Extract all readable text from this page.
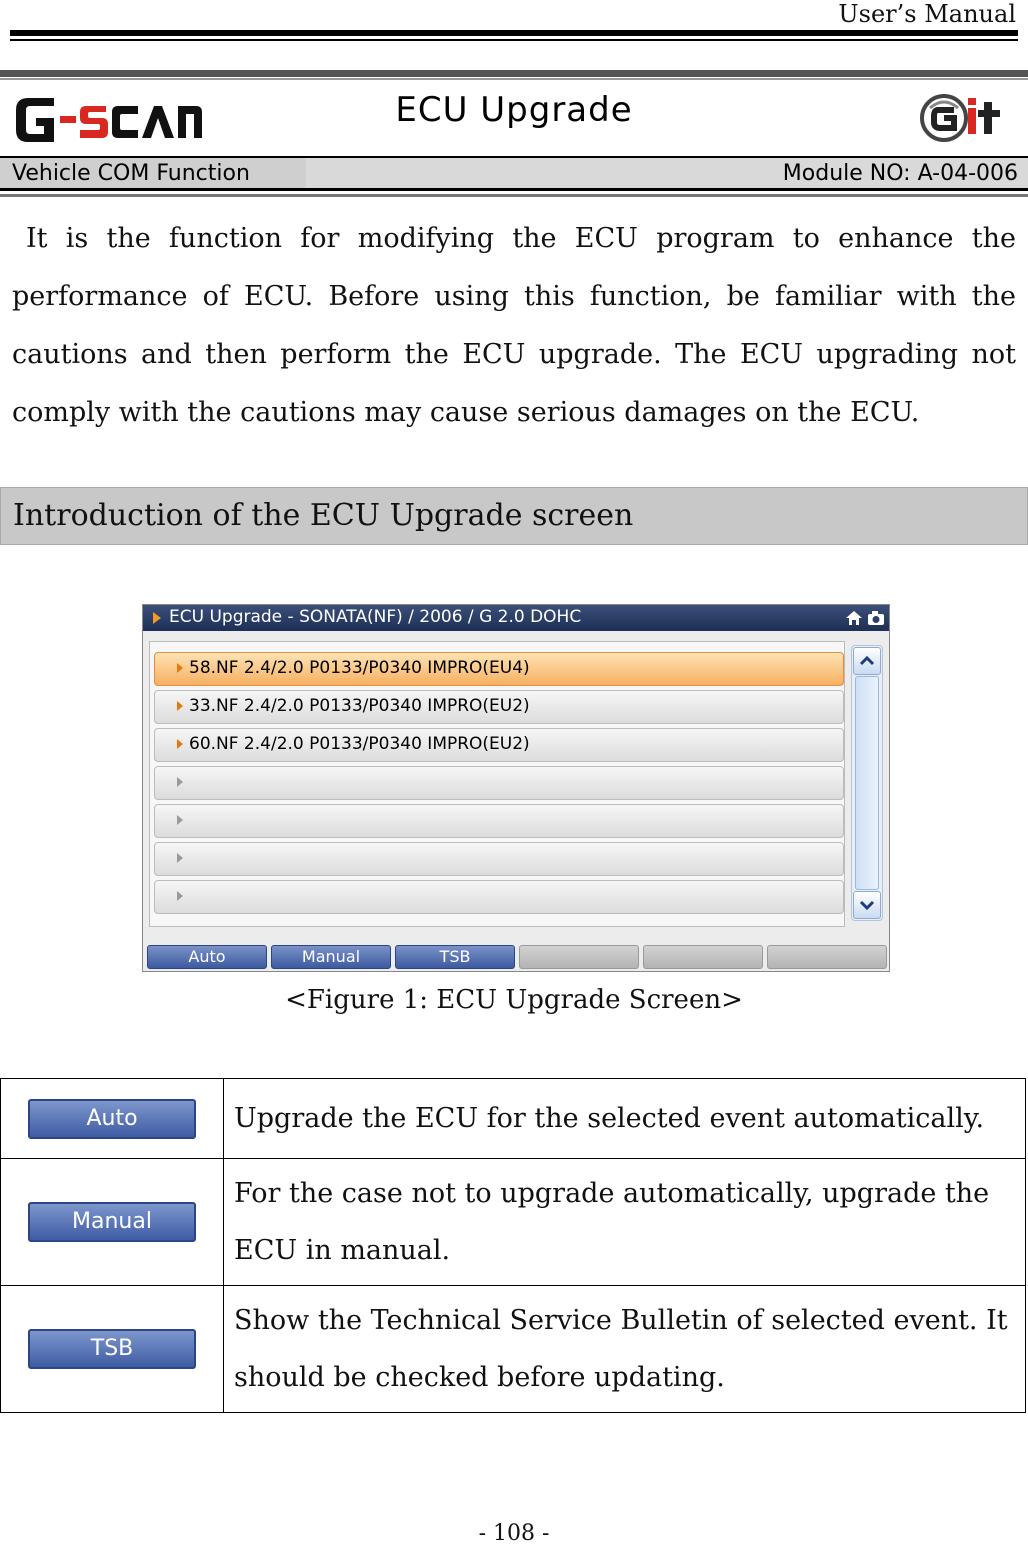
User’s Manual
ECU Upgrade
Vehicle COM Function	Module NO: A-04-006

It is the function for modifying the ECU program to enhance the performance of ECU. Before using this function, be familiar with the cautions and then perform the ECU upgrade. The ECU upgrading not comply with the cautions may cause serious damages on the ECU.

Introduction of the ECU Upgrade screen
ECU Upgrade - SONATA(NF) / 2006 / G 2.0 DOHC
58.NF 2.4/2.0 P0133/P0340 IMPRO(EU4)
33.NF 2.4/2.0 P0133/P0340 IMPRO(EU2)
60.NF 2.4/2.0 P0133/P0340 IMPRO(EU2)
Auto	Manual	TSB
<Figure 1: ECU Upgrade Screen>
Auto	Upgrade the ECU for the selected event automatically.
Manual	For the case not to upgrade automatically, upgrade the ECU in manual.
TSB	Show the Technical Service Bulletin of selected event. It should be checked before updating.
- 108 -
